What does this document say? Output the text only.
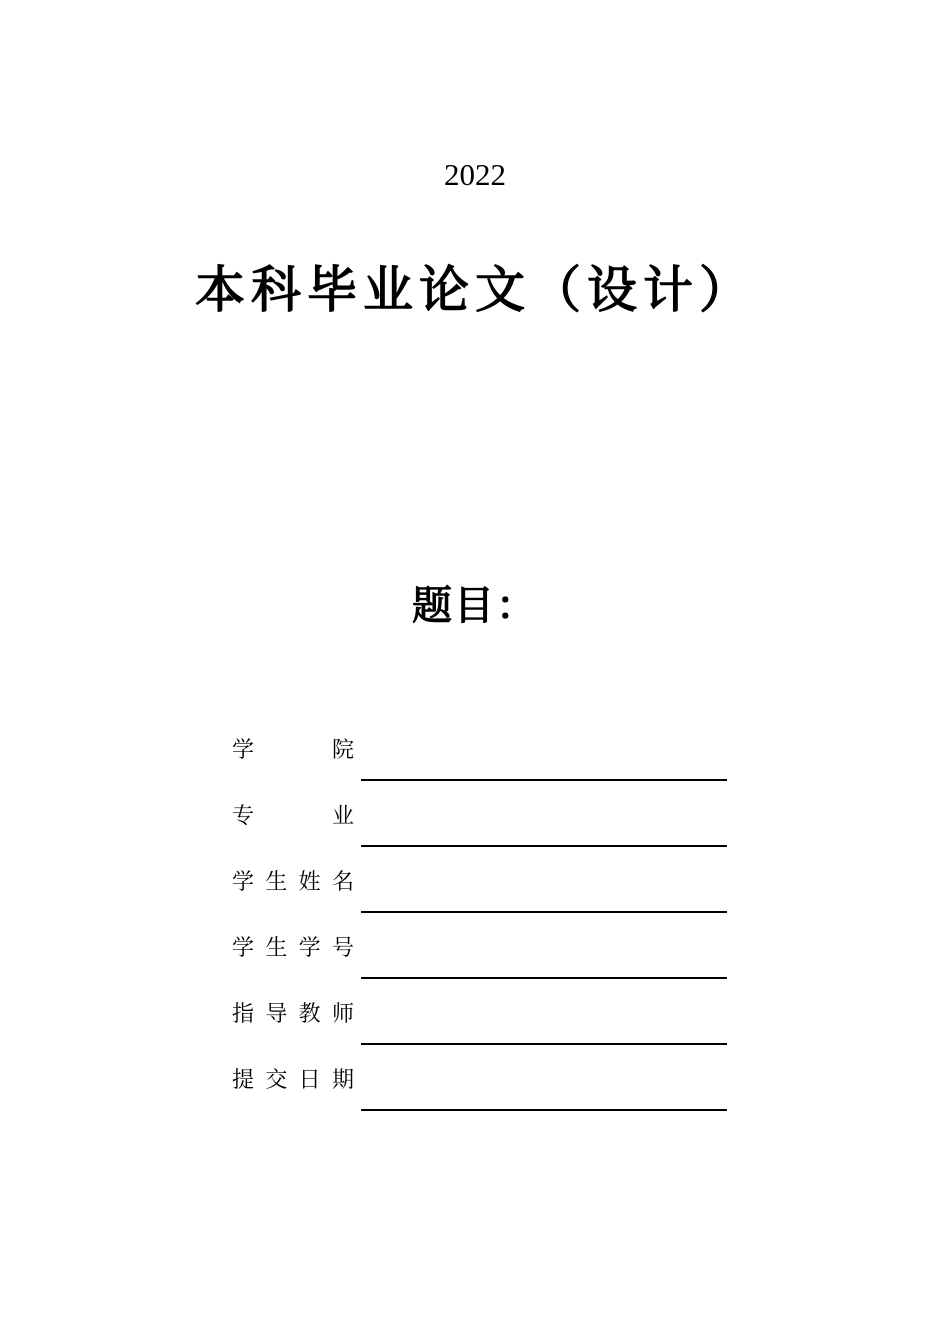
2022
本科毕业论文（设计）
题目：
学	院
专	业
学 生 姓 名
学 生 学 号
指 导 教 师
提 交 日 期
